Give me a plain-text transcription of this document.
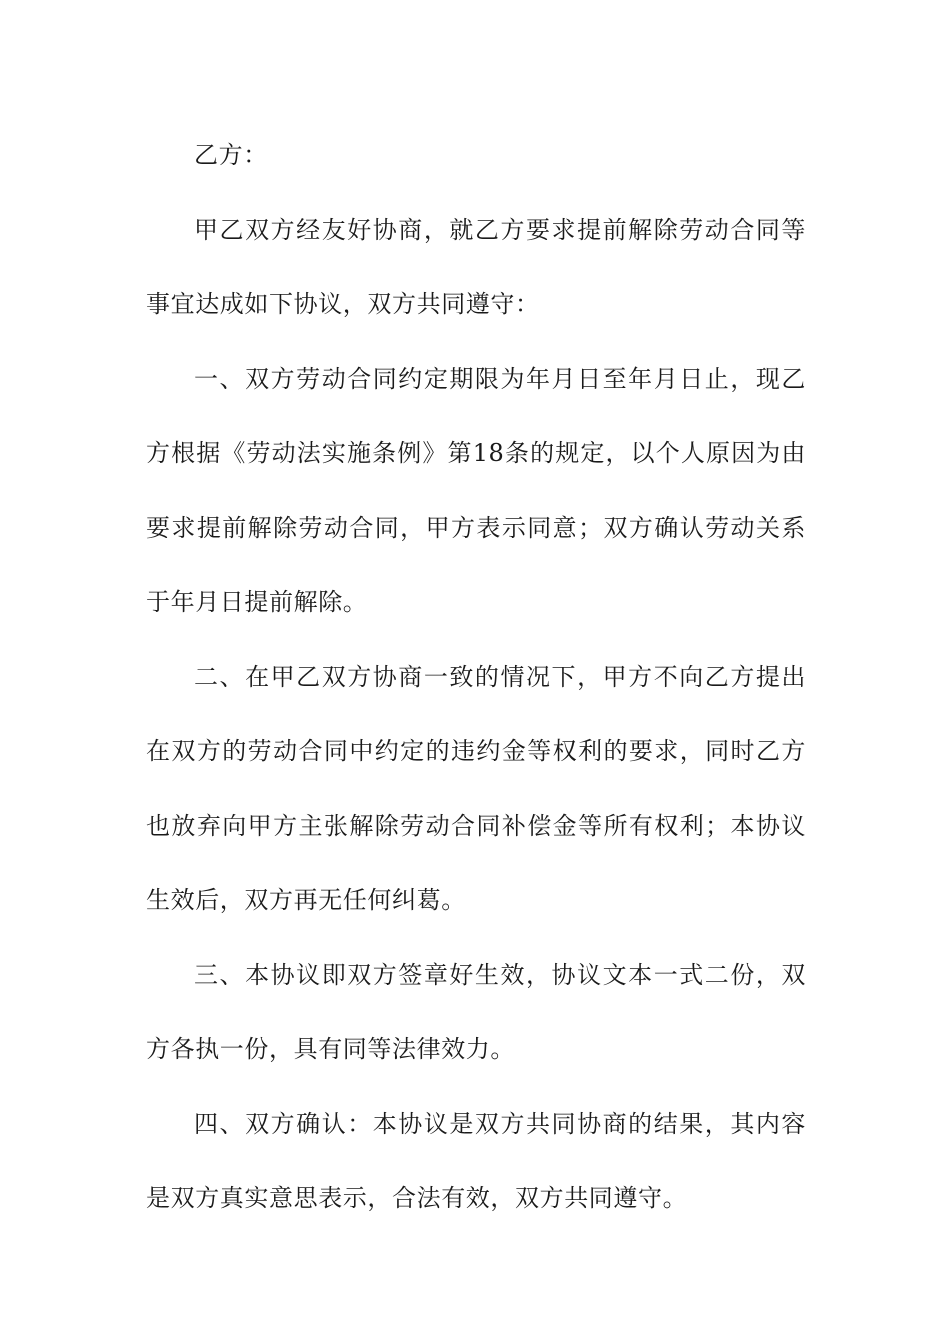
乙方：

甲乙双方经友好协商，就乙方要求提前解除劳动合同等事宜达成如下协议，双方共同遵守：

一、双方劳动合同约定期限为年月日至年月日止，现乙方根据《劳动法实施条例》第18条的规定，以个人原因为由要求提前解除劳动合同，甲方表示同意；双方确认劳动关系于年月日提前解除。

二、在甲乙双方协商一致的情况下，甲方不向乙方提出在双方的劳动合同中约定的违约金等权利的要求，同时乙方也放弃向甲方主张解除劳动合同补偿金等所有权利；本协议生效后，双方再无任何纠葛。

三、本协议即双方签章好生效，协议文本一式二份，双方各执一份，具有同等法律效力。

四、双方确认：本协议是双方共同协商的结果，其内容是双方真实意思表示，合法有效，双方共同遵守。
